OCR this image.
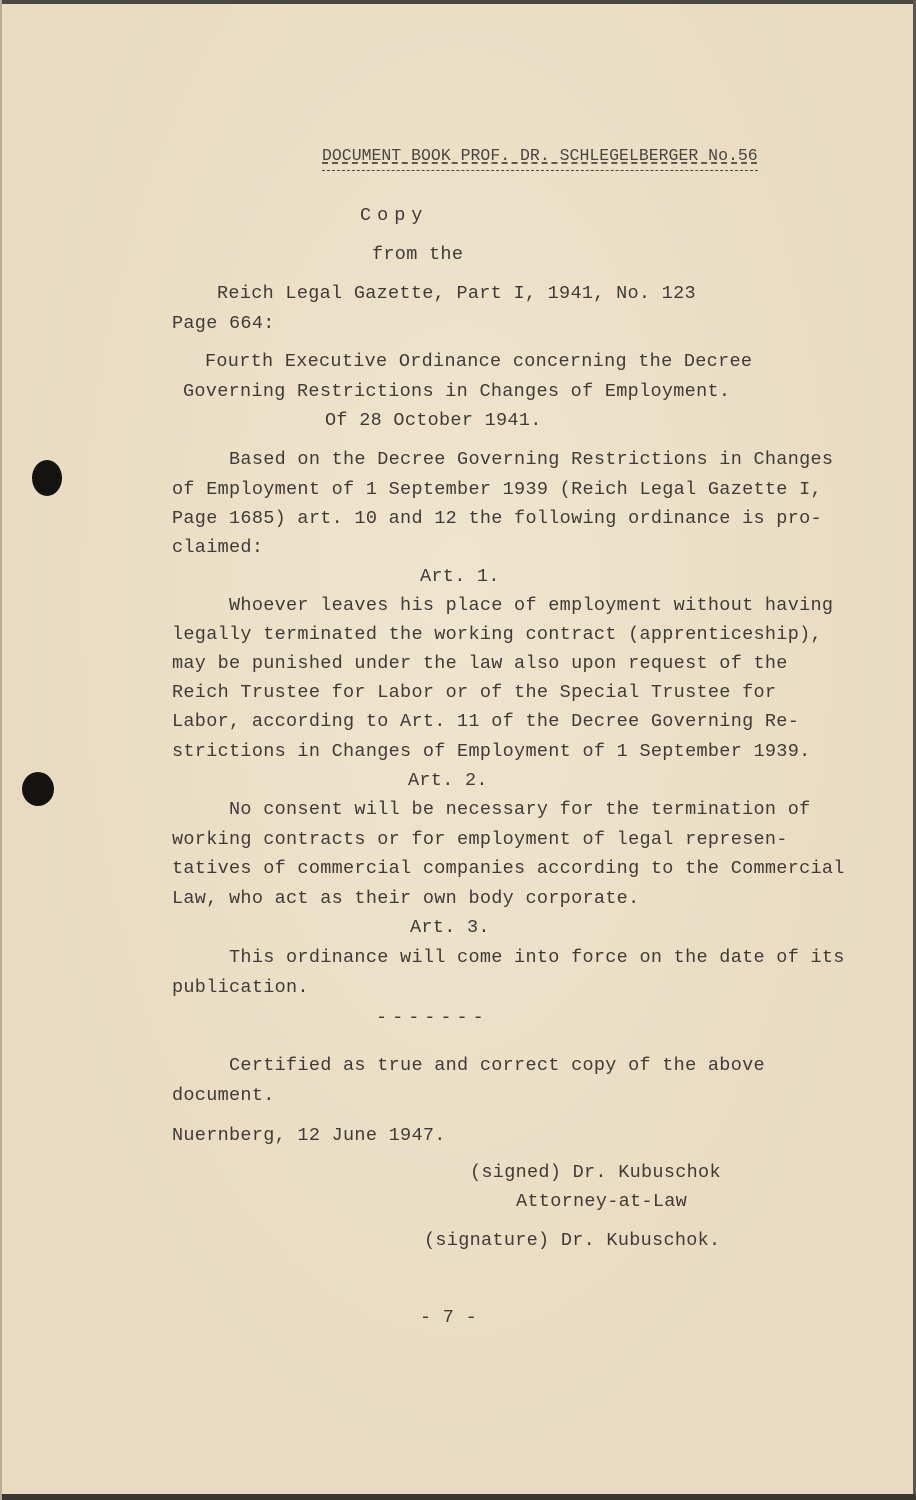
DOCUMENT BOOK PROF. DR. SCHLEGELBERGER No.56
Copy
from the
Reich Legal Gazette, Part I, 1941, No. 123
Page 664:
Fourth Executive Ordinance concerning the Decree
Governing Restrictions in Changes of Employment.
Of 28 October 1941.
Based on the Decree Governing Restrictions in Changes
of Employment of 1 September 1939 (Reich Legal Gazette I,
Page 1685) art. 10 and 12 the following ordinance is pro-
claimed:
Art. 1.
Whoever leaves his place of employment without having
legally terminated the working contract (apprenticeship),
may be punished under the law also upon request of the
Reich Trustee for Labor or of the Special Trustee for
Labor, according to Art. 11 of the Decree Governing Re-
strictions in Changes of Employment of 1 September 1939.
Art. 2.
No consent will be necessary for the termination of
working contracts or for employment of legal represen-
tatives of commercial companies according to the Commercial
Law, who act as their own body corporate.
Art. 3.
This ordinance will come into force on the date of its
publication.
-------
Certified as true and correct copy of the above
document.
Nuernberg, 12 June 1947.
(signed) Dr. Kubuschok
Attorney-at-Law
(signature) Dr. Kubuschok.
- 7 -
